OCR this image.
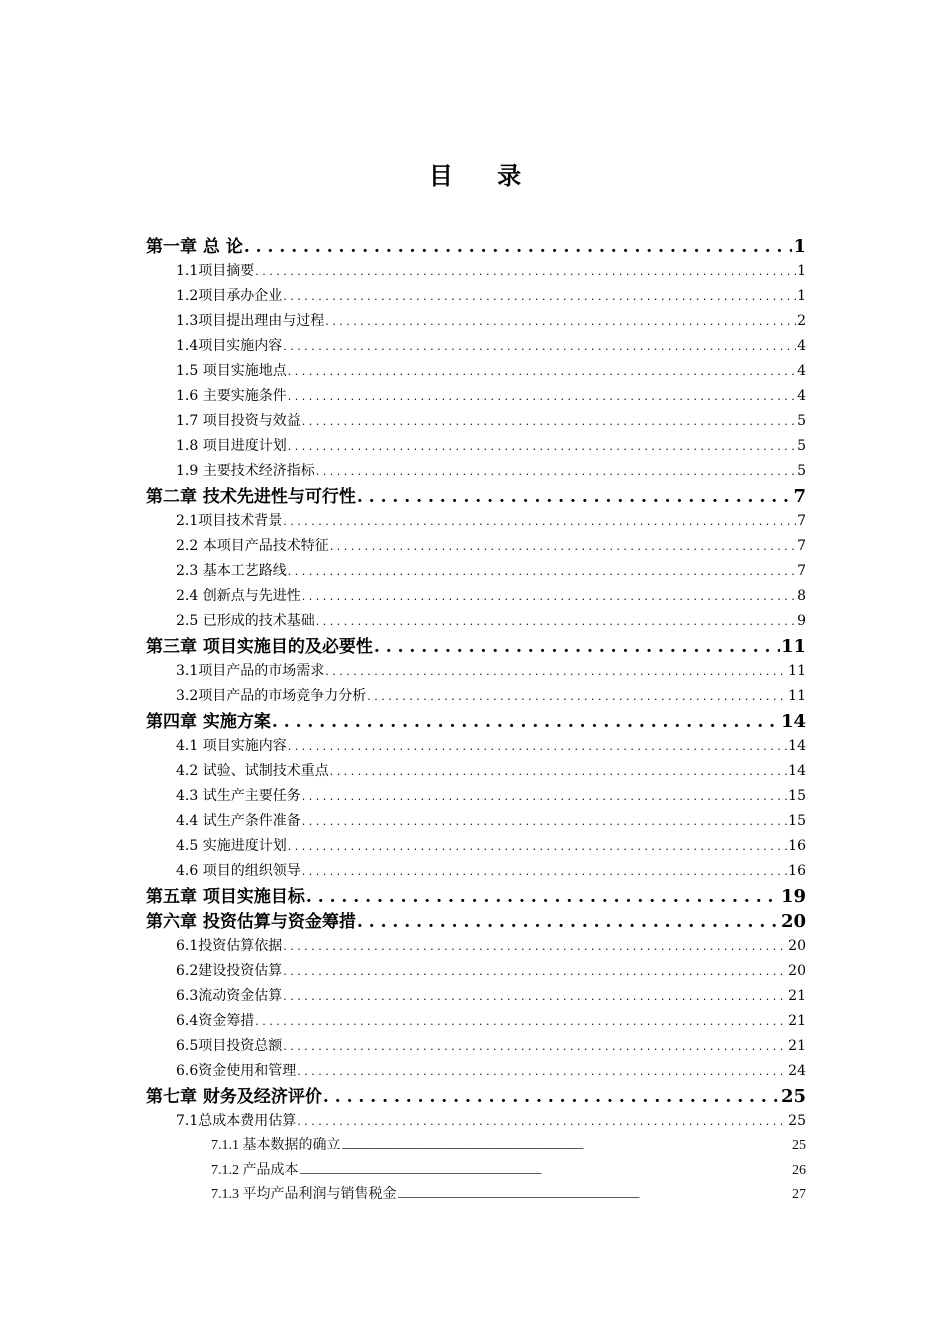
目 录
第一章 总 论 . . .	1
1.1项目摘要 . . .	1
1.2项目承办企业 . . .	1
1.3项目提出理由与过程 . . .	2
1.4项目实施内容 . . .	4
1.5 项目实施地点 . . .	4
1.6 主要实施条件 . . .	4
1.7 项目投资与效益 . . .	5
1.8 项目进度计划 . . .	5
1.9 主要技术经济指标 . . .	5
第二章 技术先进性与可行性 . . .	7
2.1项目技术背景 . . .	7
2.2 本项目产品技术特征 . . .	7
2.3 基本工艺路线 . . .	7
2.4 创新点与先进性 . . .	8
2.5 已形成的技术基础 . . .	9
第三章 项目实施目的及必要性 . . .	11
3.1项目产品的市场需求 . . .	11
3.2项目产品的市场竞争力分析 . . .	11
第四章 实施方案 . . .	14
4.1 项目实施内容 . . .	14
4.2 试验、试制技术重点 . . .	14
4.3 试生产主要任务 . . .	15
4.4 试生产条件准备 . . .	15
4.5 实施进度计划 . . .	16
4.6 项目的组织领导 . . .	16
第五章 项目实施目标 . . .	19
第六章 投资估算与资金筹措 . . .	20
6.1投资估算依据 . . .	20
6.2建设投资估算 . . .	20
6.3流动资金估算 . . .	21
6.4资金筹措 . . .	21
6.5项目投资总额 . . .	21
6.6资金使用和管理 . . .	24
第七章 财务及经济评价 . . .	25
7.1总成本费用估算 . . .	25
7.1.1 基本数据的确立 .....	25
7.1.2 产品成本 .....	26
7.1.3 平均产品利润与销售税金 .....	27
